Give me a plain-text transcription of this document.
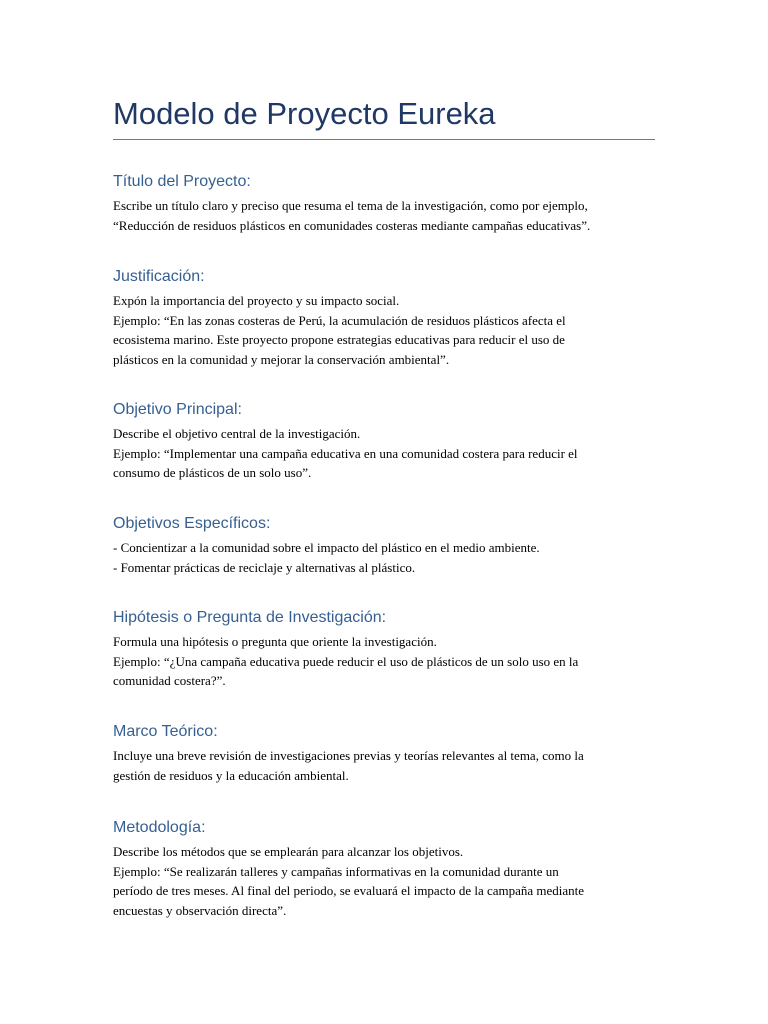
Modelo de Proyecto Eureka
Título del Proyecto:
Escribe un título claro y preciso que resuma el tema de la investigación, como por ejemplo,
“Reducción de residuos plásticos en comunidades costeras mediante campañas educativas”.
Justificación:
Expón la importancia del proyecto y su impacto social.
Ejemplo: “En las zonas costeras de Perú, la acumulación de residuos plásticos afecta el
ecosistema marino. Este proyecto propone estrategias educativas para reducir el uso de
plásticos en la comunidad y mejorar la conservación ambiental”.
Objetivo Principal:
Describe el objetivo central de la investigación.
Ejemplo: “Implementar una campaña educativa en una comunidad costera para reducir el
consumo de plásticos de un solo uso”.
Objetivos Específicos:
- Concientizar a la comunidad sobre el impacto del plástico en el medio ambiente.
- Fomentar prácticas de reciclaje y alternativas al plástico.
Hipótesis o Pregunta de Investigación:
Formula una hipótesis o pregunta que oriente la investigación.
Ejemplo: “¿Una campaña educativa puede reducir el uso de plásticos de un solo uso en la
comunidad costera?”.
Marco Teórico:
Incluye una breve revisión de investigaciones previas y teorías relevantes al tema, como la
gestión de residuos y la educación ambiental.
Metodología:
Describe los métodos que se emplearán para alcanzar los objetivos.
Ejemplo: “Se realizarán talleres y campañas informativas en la comunidad durante un
período de tres meses. Al final del periodo, se evaluará el impacto de la campaña mediante
encuestas y observación directa”.
